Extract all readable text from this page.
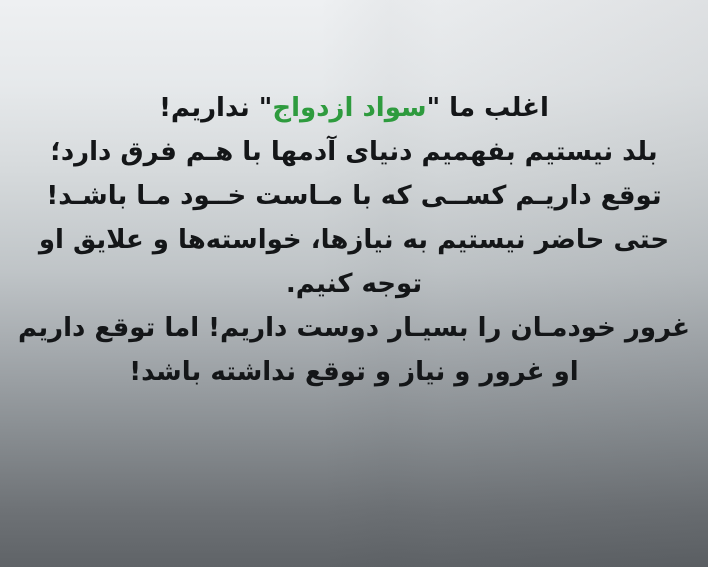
اغلب ما "سواد ازدواج" نداریم!
بلد نیستیم بفهمیم دنیای آدمها با هـم فرق دارد؛
توقع داریـم کســی که با مـاست خــود مـا باشـد!
حتی حاضر نیستیم به نیازها، خواسته‌ها و علایق او
توجه کنیم.
غرور خودمـان را بسیـار دوست داریم! اما توقع داریم
او غرور و نیاز و توقع نداشته باشد!
